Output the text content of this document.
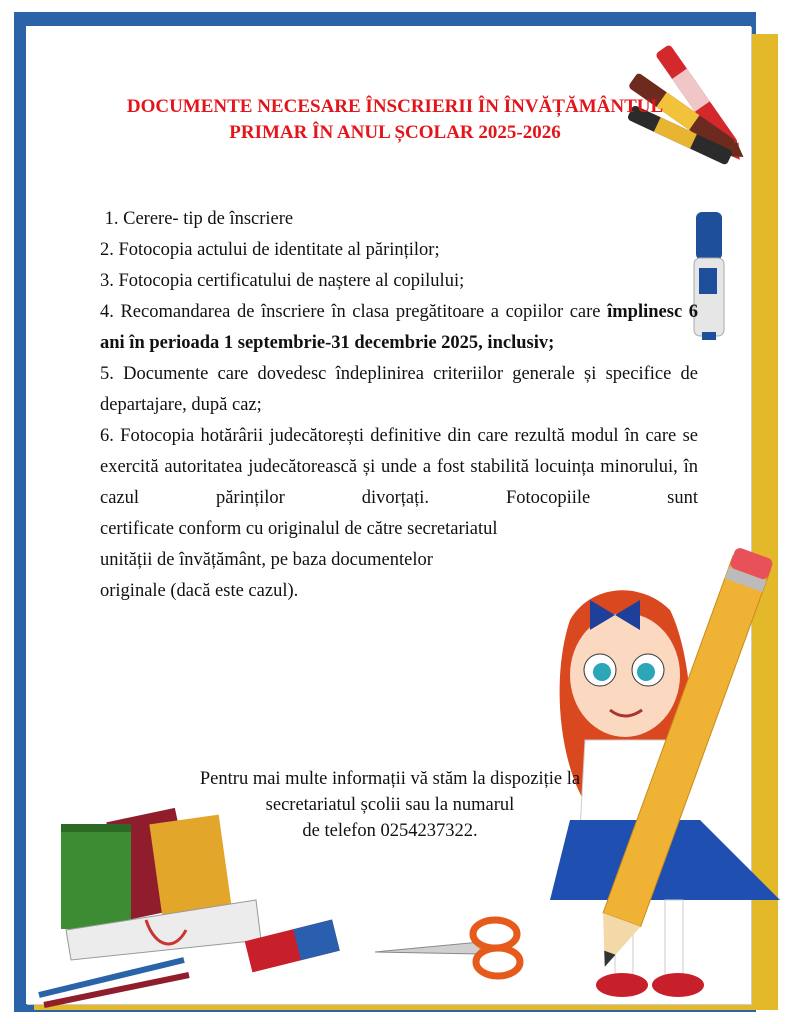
DOCUMENTE NECESARE ÎNSCRIERII ÎN ÎNVĂȚĂMÂNTUL
PRIMAR ÎN ANUL ȘCOLAR 2025-2026

1. Cerere- tip de înscriere

2. Fotocopia actului de identitate al părinților;

3. Fotocopia certificatului de naștere al copilului;

4. Recomandarea de înscriere în clasa pregătitoare a copiilor care împlinesc 6 ani în perioada 1 septembrie-31 decembrie 2025, inclusiv;

5. Documente care dovedesc îndeplinirea criteriilor generale și specifice de departajare, după caz;

6. Fotocopia hotărârii judecătorești definitive din care rezultă modul în care se exercită autoritatea judecătorească și unde a fost stabilită locuința minorului, în cazul părinților divorțați. Fotocopiile sunt

certificate conform cu originalul de către secretariatul

unității de învățământ, pe baza documentelor

originale (dacă este cazul).

Pentru mai multe informații vă stăm la dispoziție la
secretariatul școlii sau la numarul
de telefon 0254237322.
